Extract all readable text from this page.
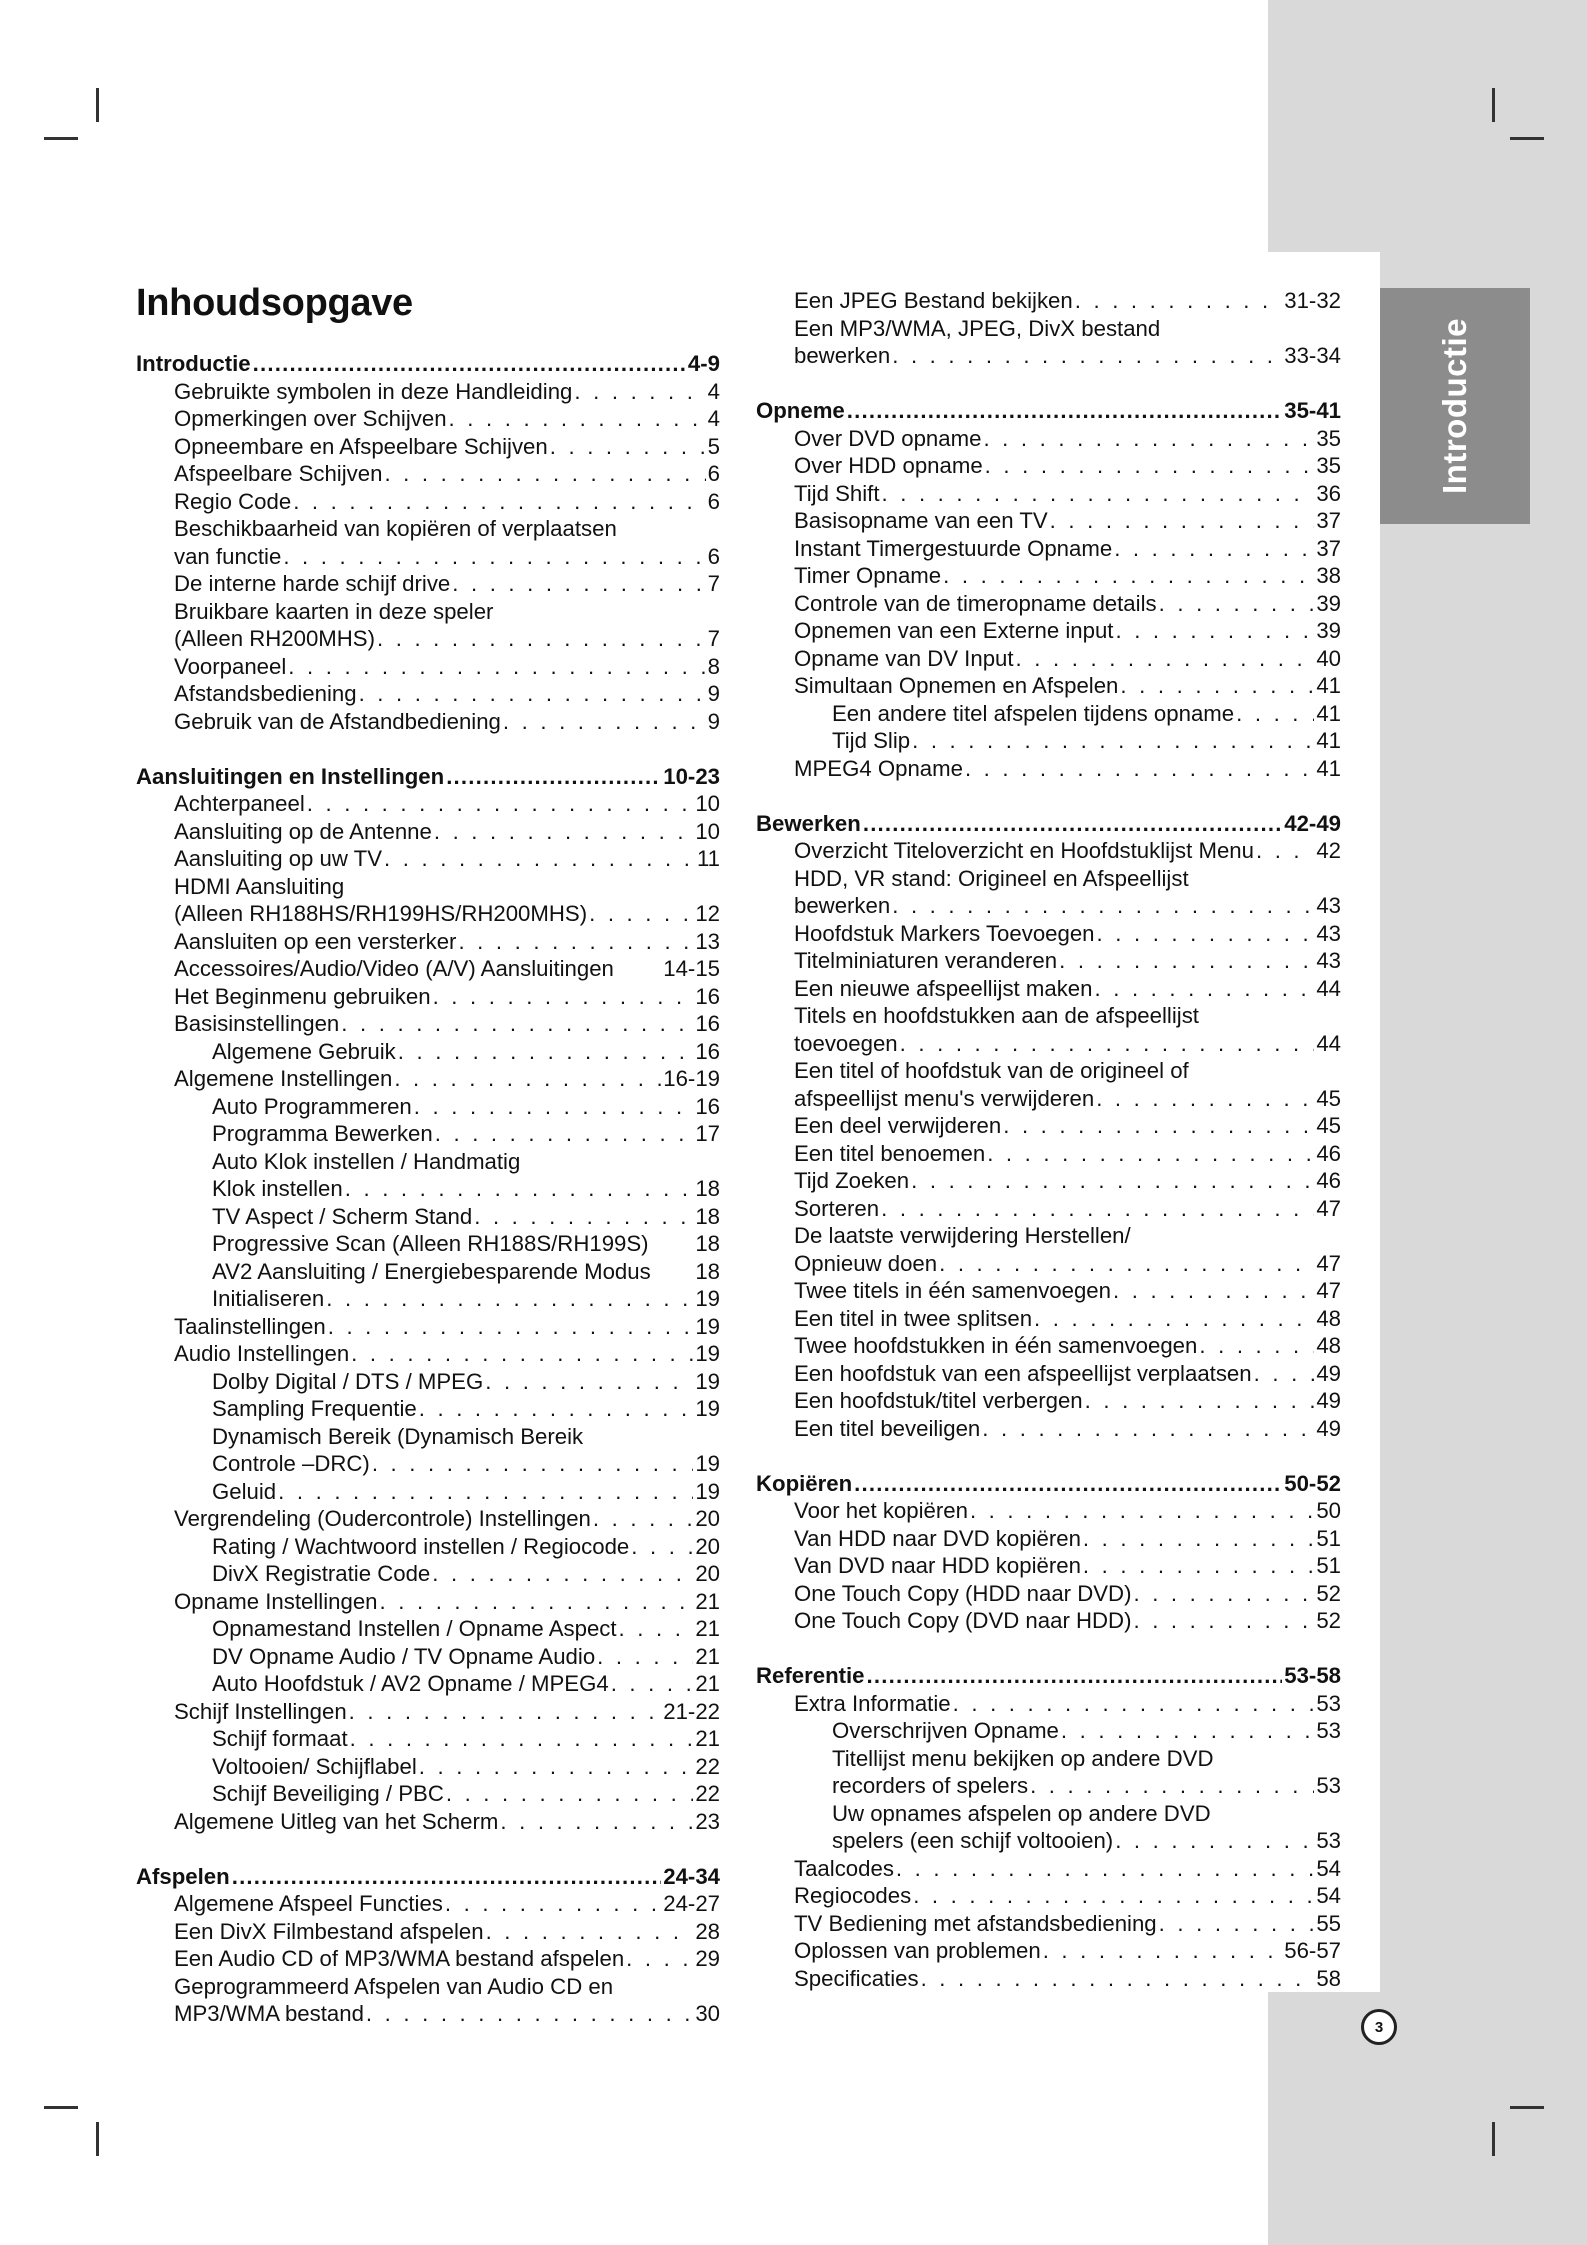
Introductie
Inhoudsopgave
Introductie .....	4-9
Gebruikte symbolen in deze Handleiding . . .	4
Opmerkingen over Schijven . . .	4
Opneembare en Afspeelbare Schijven . . .	5
Afspeelbare Schijven . . .	6
Regio Code . . .	6
Beschikbaarheid van kopiëren of verplaatsen
van functie . . .	6
De interne harde schijf drive . . .	7
Bruikbare kaarten in deze speler
(Alleen RH200MHS) . . .	7
Voorpaneel . . .	8
Afstandsbediening . . .	9
Gebruik van de Afstandbediening . . .	9
Aansluitingen en Instellingen .....	10-23
Achterpaneel . . .	10
Aansluiting op de Antenne . . .	10
Aansluiting op uw TV . . .	11
HDMI Aansluiting
(Alleen RH188HS/RH199HS/RH200MHS) . . .	12
Aansluiten op een versterker . . .	13
Accessoires/Audio/Video (A/V) Aansluitingen 14-15
Het Beginmenu gebruiken . . .	16
Basisinstellingen . . .	16
Algemene Gebruik . . .	16
Algemene Instellingen . . .	16-19
Auto Programmeren . . .	16
Programma Bewerken . . .	17
Auto Klok instellen / Handmatig
Klok instellen . . .	18
TV Aspect / Scherm Stand . . .	18
Progressive Scan (Alleen RH188S/RH199S) 18
AV2 Aansluiting / Energiebesparende Modus 18
Initialiseren . . .	19
Taalinstellingen . . .	19
Audio Instellingen . . .	19
Dolby Digital / DTS / MPEG . . .	19
Sampling Frequentie . . .	19
Dynamisch Bereik (Dynamisch Bereik
Controle –DRC) . . .	19
Geluid . . .	19
Vergrendeling (Oudercontrole) Instellingen . . .	20
Rating / Wachtwoord instellen / Regiocode . . .	20
DivX Registratie Code . . .	20
Opname Instellingen . . .	21
Opnamestand Instellen / Opname Aspect . . .	21
DV Opname Audio / TV Opname Audio . . .	21
Auto Hoofdstuk / AV2 Opname / MPEG4 . . .	21
Schijf Instellingen . . .	21-22
Schijf formaat . . .	21
Voltooien/ Schijflabel . . .	22
Schijf Beveiliging / PBC . . .	22
Algemene Uitleg van het Scherm . . .	23
Afspelen .....	24-34
Algemene Afspeel Functies . . .	24-27
Een DivX Filmbestand afspelen . . .	28
Een Audio CD of MP3/WMA bestand afspelen . . .	29
Geprogrammeerd Afspelen van Audio CD en
MP3/WMA bestand . . .	30
Een JPEG Bestand bekijken . . .	31-32
Een MP3/WMA, JPEG, DivX bestand
bewerken . . .	33-34
Opneme .....	35-41
Over DVD opname . . .	35
Over HDD opname . . .	35
Tijd Shift . . .	36
Basisopname van een TV . . .	37
Instant Timergestuurde Opname . . .	37
Timer Opname . . .	38
Controle van de timeropname details . . .	39
Opnemen van een Externe input . . .	39
Opname van DV Input . . .	40
Simultaan Opnemen en Afspelen . . .	41
Een andere titel afspelen tijdens opname . . .	41
Tijd Slip . . .	41
MPEG4 Opname . . .	41
Bewerken .....	42-49
Overzicht Titeloverzicht en Hoofdstuklijst Menu . . .	42
HDD, VR stand: Origineel en Afspeellijst
bewerken . . .	43
Hoofdstuk Markers Toevoegen . . .	43
Titelminiaturen veranderen . . .	43
Een nieuwe afspeellijst maken . . .	44
Titels en hoofdstukken aan de afspeellijst
toevoegen . . .	44
Een titel of hoofdstuk van de origineel of
afspeellijst menu's verwijderen . . .	45
Een deel verwijderen . . .	45
Een titel benoemen . . .	46
Tijd Zoeken . . .	46
Sorteren . . .	47
De laatste verwijdering Herstellen/
Opnieuw doen . . .	47
Twee titels in één samenvoegen . . .	47
Een titel in twee splitsen . . .	48
Twee hoofdstukken in één samenvoegen . . .	48
Een hoofdstuk van een afspeellijst verplaatsen . . .	49
Een hoofdstuk/titel verbergen . . .	49
Een titel beveiligen . . .	49
Kopiëren .....	50-52
Voor het kopiëren . . .	50
Van HDD naar DVD kopiëren . . .	51
Van DVD naar HDD kopiëren . . .	51
One Touch Copy (HDD naar DVD) . . .	52
One Touch Copy (DVD naar HDD) . . .	52
Referentie .....	53-58
Extra Informatie . . .	53
Overschrijven Opname . . .	53
Titellijst menu bekijken op andere DVD
recorders of spelers . . .	53
Uw opnames afspelen op andere DVD
spelers (een schijf voltooien) . . .	53
Taalcodes . . .	54
Regiocodes . . .	54
TV Bediening met afstandsbediening . . .	55
Oplossen van problemen . . .	56-57
Specificaties . . .	58
3
